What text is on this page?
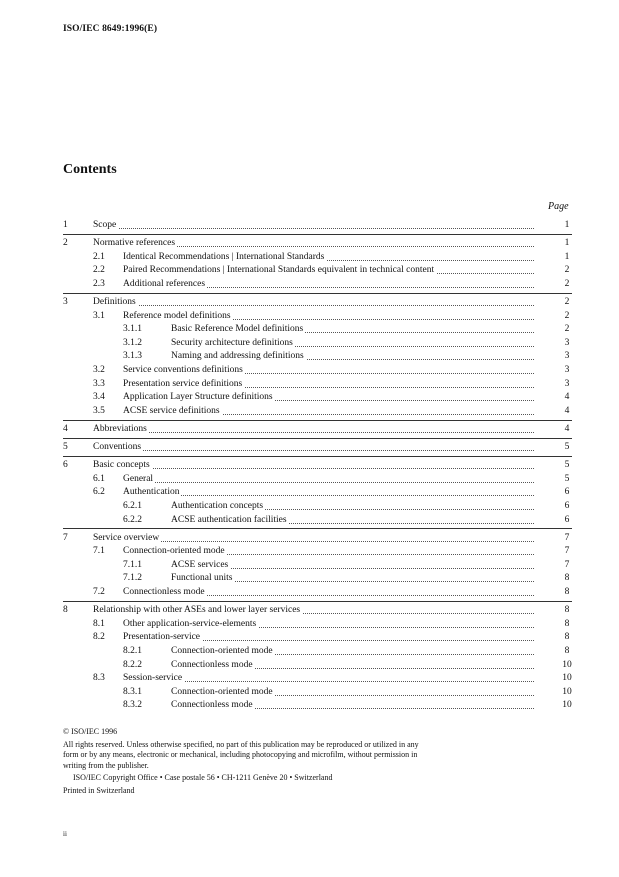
ISO/IEC 8649:1996(E)
Contents
Page
1	Scope	1
2	Normative references	1
2.1 Identical Recommendations | International Standards	1
2.2 Paired Recommendations | International Standards equivalent in technical content	2
2.3 Additional references	2
3	Definitions	2
3.1 Reference model definitions	2
3.1.1	Basic Reference Model definitions	2
3.1.2	Security architecture definitions	3
3.1.3	Naming and addressing definitions	3
3.2 Service conventions definitions	3
3.3 Presentation service definitions	3
3.4 Application Layer Structure definitions	4
3.5 ACSE service definitions	4
4	Abbreviations	4
5	Conventions	5
6	Basic concepts	5
6.1 General	5
6.2 Authentication	6
6.2.1	Authentication concepts	6
6.2.2	ACSE authentication facilities	6
7	Service overview	7
7.1 Connection-oriented mode	7
7.1.1	ACSE services	7
7.1.2	Functional units	8
7.2 Connectionless mode	8
8	Relationship with other ASEs and lower layer services	8
8.1 Other application-service-elements	8
8.2 Presentation-service	8
8.2.1	Connection-oriented mode	8
8.2.2	Connectionless mode	10
8.3 Session-service	10
8.3.1	Connection-oriented mode	10
8.3.2	Connectionless mode	10

© ISO/IEC 1996

All rights reserved. Unless otherwise specified, no part of this publication may be reproduced or utilized in any form or by any means, electronic or mechanical, including photocopying and microfilm, without permission in writing from the publisher.

ISO/IEC Copyright Office • Case postale 56 • CH-1211 Genève 20 • Switzerland

Printed in Switzerland

ii
